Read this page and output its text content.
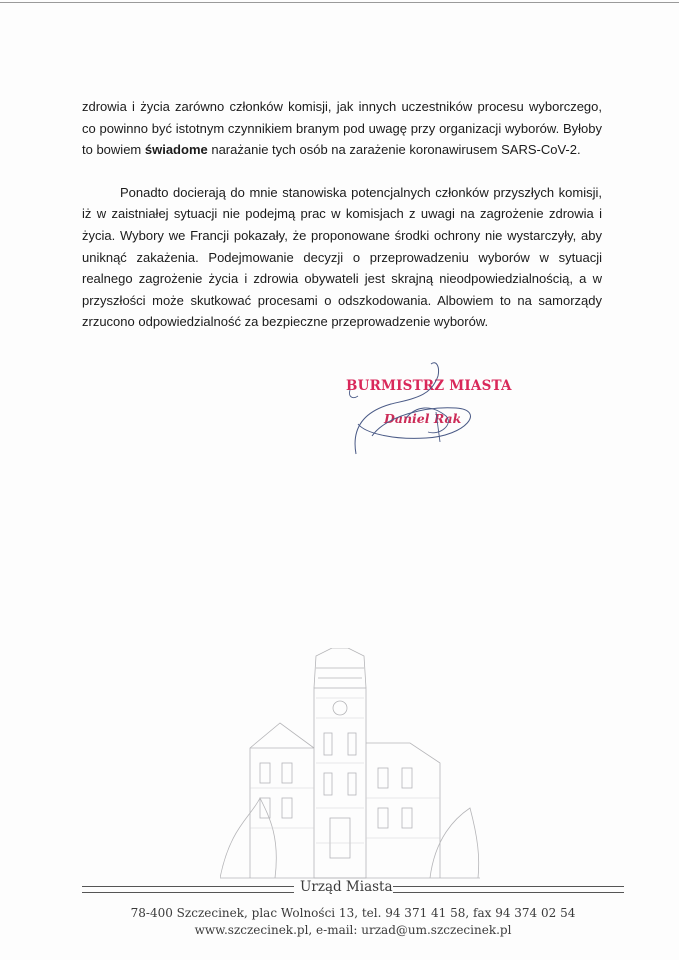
zdrowia i życia zarówno członków komisji, jak innych uczestników procesu wyborczego, co powinno być istotnym czynnikiem branym pod uwagę przy organizacji wyborów. Byłoby to bowiem świadome narażanie tych osób na zarażenie koronawirusem SARS-CoV-2.

Ponadto docierają do mnie stanowiska potencjalnych członków przyszłych komisji, iż w zaistniałej sytuacji nie podejmą prac w komisjach z uwagi na zagrożenie zdrowia i życia. Wybory we Francji pokazały, że proponowane środki ochrony nie wystarczyły, aby uniknąć zakażenia. Podejmowanie decyzji o przeprowadzeniu wyborów w sytuacji realnego zagrożenie życia i zdrowia obywateli jest skrajną nieodpowiedzialnością, a w przyszłości może skutkować procesami o odszkodowania. Albowiem to na samorządy zrzucono odpowiedzialność za bezpieczne przeprowadzenie wyborów.

BURMISTRZ MIASTA
Daniel Rak
Urząd Miasta
78-400 Szczecinek, plac Wolności 13, tel. 94 371 41 58, fax 94 374 02 54
www.szczecinek.pl, e-mail: urzad@um.szczecinek.pl
